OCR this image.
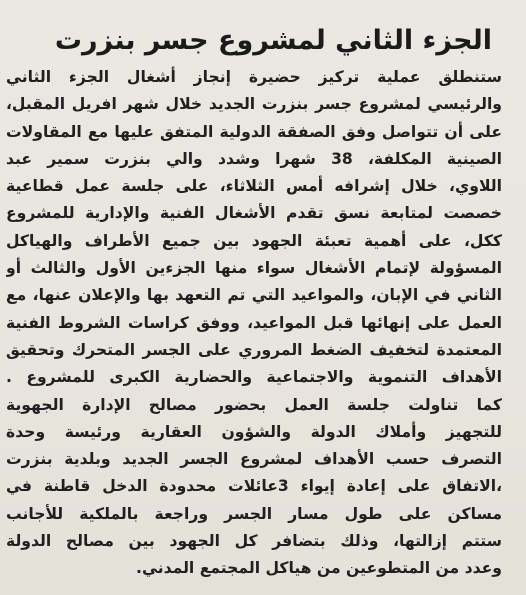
الجزء الثاني لمشروع جسر بنزرت
ستنطلق عملية تركيز حضيرة إنجاز أشغال الجزء الثاني
والرئيسي لمشروع جسر بنزرت الجديد خلال شهر افريل المقبل،
على أن تتواصل وفق الصفقة الدولية المتفق عليها مع المقاولات
الصينية المكلفة، 38 شهرا وشدد والي بنزرت سمير عبد
اللاوي، خلال إشرافه أمس الثلاثاء، على جلسة عمل قطاعية
خصصت لمتابعة نسق تقدم الأشغال الفنية والإدارية للمشروع
ككل، على أهمية تعبئة الجهود بين جميع الأطراف والهياكل
المسؤولة لإتمام الأشغال سواء منها الجزءين الأول والثالث أو
الثاني في الإبان، والمواعيد التي تم التعهد بها والإعلان عنها، مع
العمل على إنهائها قبل المواعيد، ووفق كراسات الشروط الفنية
المعتمدة لتخفيف الضغط المروري على الجسر المتحرك وتحقيق
الأهداف التنموية والاجتماعية والحضارية الكبرى للمشروع .
كما تناولت جلسة العمل بحضور مصالح الإدارة الجهوية
للتجهيز وأملاك الدولة والشؤون العقارية ورئيسة وحدة
التصرف حسب الأهداف لمشروع الجسر الجديد وبلدية بنزرت
،الاتفاق على إعادة إيواء 3عائلات محدودة الدخل قاطنة في
مساكن على طول مسار الجسر وراجعة بالملكية للأجانب
ستتم إزالتها، وذلك بتضافر كل الجهود بين مصالح الدولة
وعدد من المتطوعين من هياكل المجتمع المدني.
